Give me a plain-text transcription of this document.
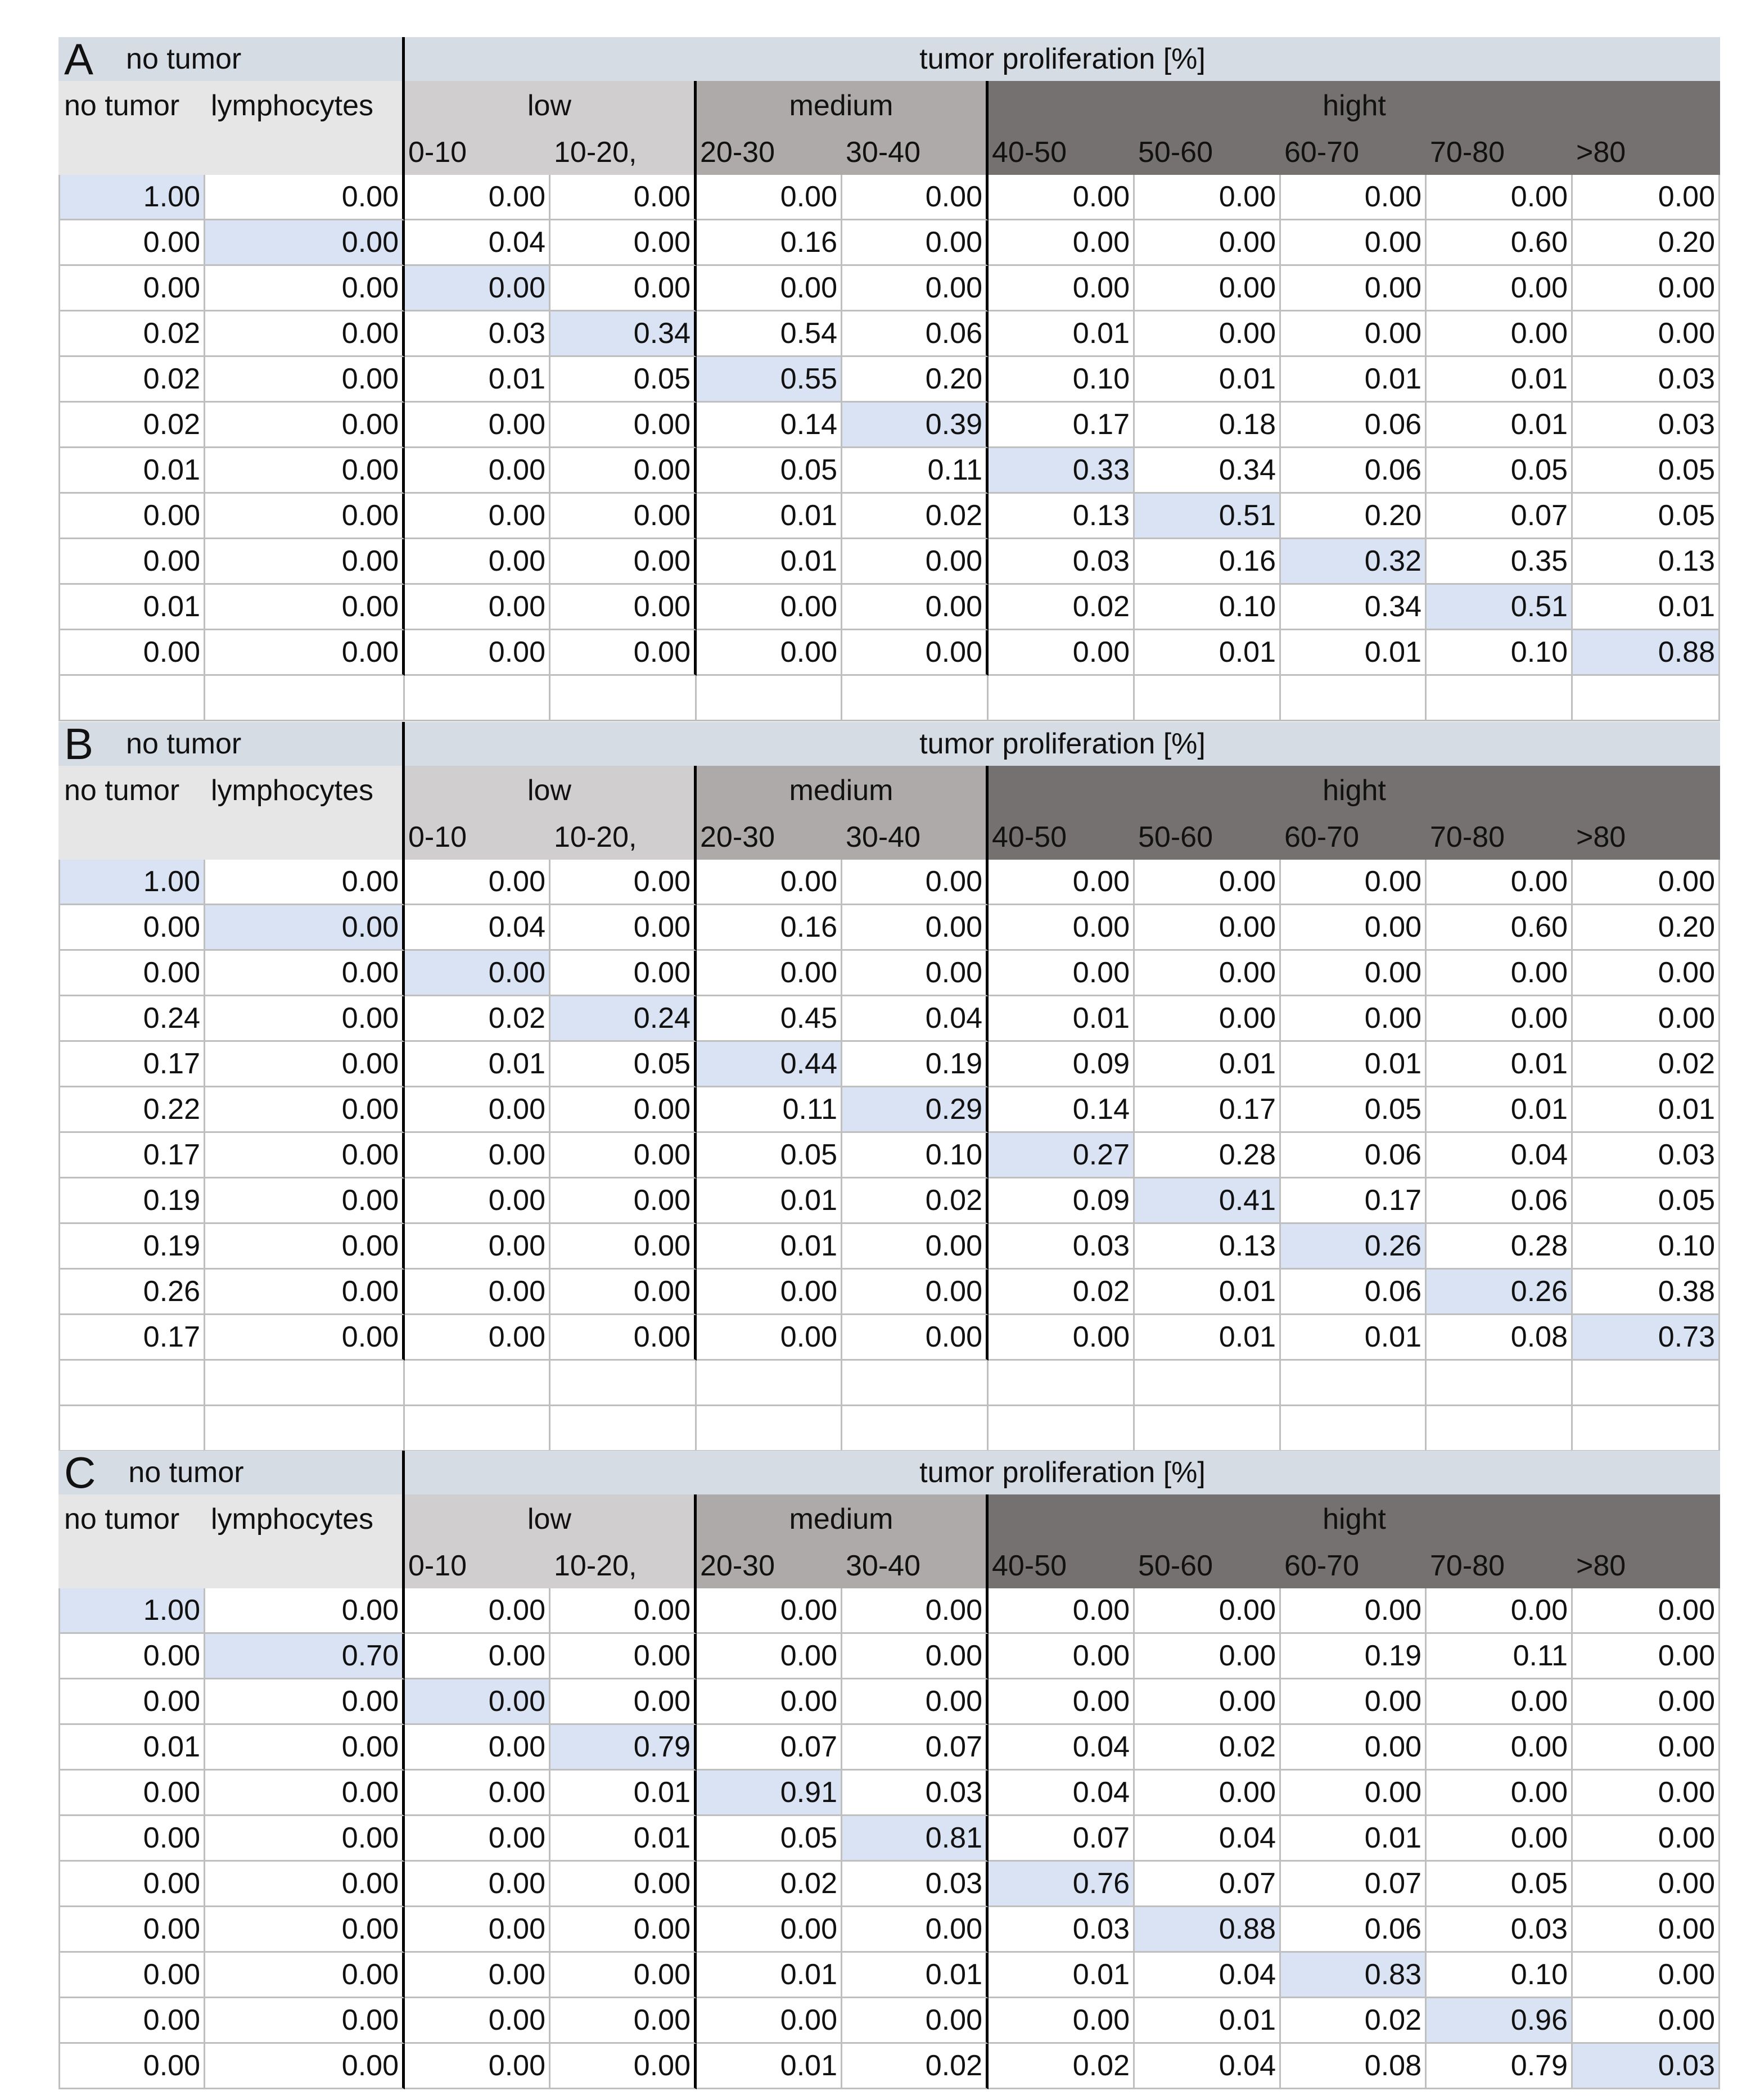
A no tumor	tumor proliferation [%]
no tumor	lymphocytes	low	medium	hight
0-10	10-20,	20-30	30-40	40-50	50-60	60-70	70-80	>80
1.00	0.00	0.00	0.00	0.00	0.00	0.00	0.00	0.00	0.00	0.00
0.00	0.00	0.04	0.00	0.16	0.00	0.00	0.00	0.00	0.60	0.20
0.00	0.00	0.00	0.00	0.00	0.00	0.00	0.00	0.00	0.00	0.00
0.02	0.00	0.03	0.34	0.54	0.06	0.01	0.00	0.00	0.00	0.00
0.02	0.00	0.01	0.05	0.55	0.20	0.10	0.01	0.01	0.01	0.03
0.02	0.00	0.00	0.00	0.14	0.39	0.17	0.18	0.06	0.01	0.03
0.01	0.00	0.00	0.00	0.05	0.11	0.33	0.34	0.06	0.05	0.05
0.00	0.00	0.00	0.00	0.01	0.02	0.13	0.51	0.20	0.07	0.05
0.00	0.00	0.00	0.00	0.01	0.00	0.03	0.16	0.32	0.35	0.13
0.01	0.00	0.00	0.00	0.00	0.00	0.02	0.10	0.34	0.51	0.01
0.00	0.00	0.00	0.00	0.00	0.00	0.00	0.01	0.01	0.10	0.88
B no tumor	tumor proliferation [%]
no tumor	lymphocytes	low	medium	hight
0-10	10-20,	20-30	30-40	40-50	50-60	60-70	70-80	>80
1.00	0.00	0.00	0.00	0.00	0.00	0.00	0.00	0.00	0.00	0.00
0.00	0.00	0.04	0.00	0.16	0.00	0.00	0.00	0.00	0.60	0.20
0.00	0.00	0.00	0.00	0.00	0.00	0.00	0.00	0.00	0.00	0.00
0.24	0.00	0.02	0.24	0.45	0.04	0.01	0.00	0.00	0.00	0.00
0.17	0.00	0.01	0.05	0.44	0.19	0.09	0.01	0.01	0.01	0.02
0.22	0.00	0.00	0.00	0.11	0.29	0.14	0.17	0.05	0.01	0.01
0.17	0.00	0.00	0.00	0.05	0.10	0.27	0.28	0.06	0.04	0.03
0.19	0.00	0.00	0.00	0.01	0.02	0.09	0.41	0.17	0.06	0.05
0.19	0.00	0.00	0.00	0.01	0.00	0.03	0.13	0.26	0.28	0.10
0.26	0.00	0.00	0.00	0.00	0.00	0.02	0.01	0.06	0.26	0.38
0.17	0.00	0.00	0.00	0.00	0.00	0.00	0.01	0.01	0.08	0.73
C no tumor	tumor proliferation [%]
no tumor	lymphocytes	low	medium	hight
0-10	10-20,	20-30	30-40	40-50	50-60	60-70	70-80	>80
1.00	0.00	0.00	0.00	0.00	0.00	0.00	0.00	0.00	0.00	0.00
0.00	0.70	0.00	0.00	0.00	0.00	0.00	0.00	0.19	0.11	0.00
0.00	0.00	0.00	0.00	0.00	0.00	0.00	0.00	0.00	0.00	0.00
0.01	0.00	0.00	0.79	0.07	0.07	0.04	0.02	0.00	0.00	0.00
0.00	0.00	0.00	0.01	0.91	0.03	0.04	0.00	0.00	0.00	0.00
0.00	0.00	0.00	0.01	0.05	0.81	0.07	0.04	0.01	0.00	0.00
0.00	0.00	0.00	0.00	0.02	0.03	0.76	0.07	0.07	0.05	0.00
0.00	0.00	0.00	0.00	0.00	0.00	0.03	0.88	0.06	0.03	0.00
0.00	0.00	0.00	0.00	0.01	0.01	0.01	0.04	0.83	0.10	0.00
0.00	0.00	0.00	0.00	0.00	0.00	0.00	0.01	0.02	0.96	0.00
0.00	0.00	0.00	0.00	0.01	0.02	0.02	0.04	0.08	0.79	0.03
